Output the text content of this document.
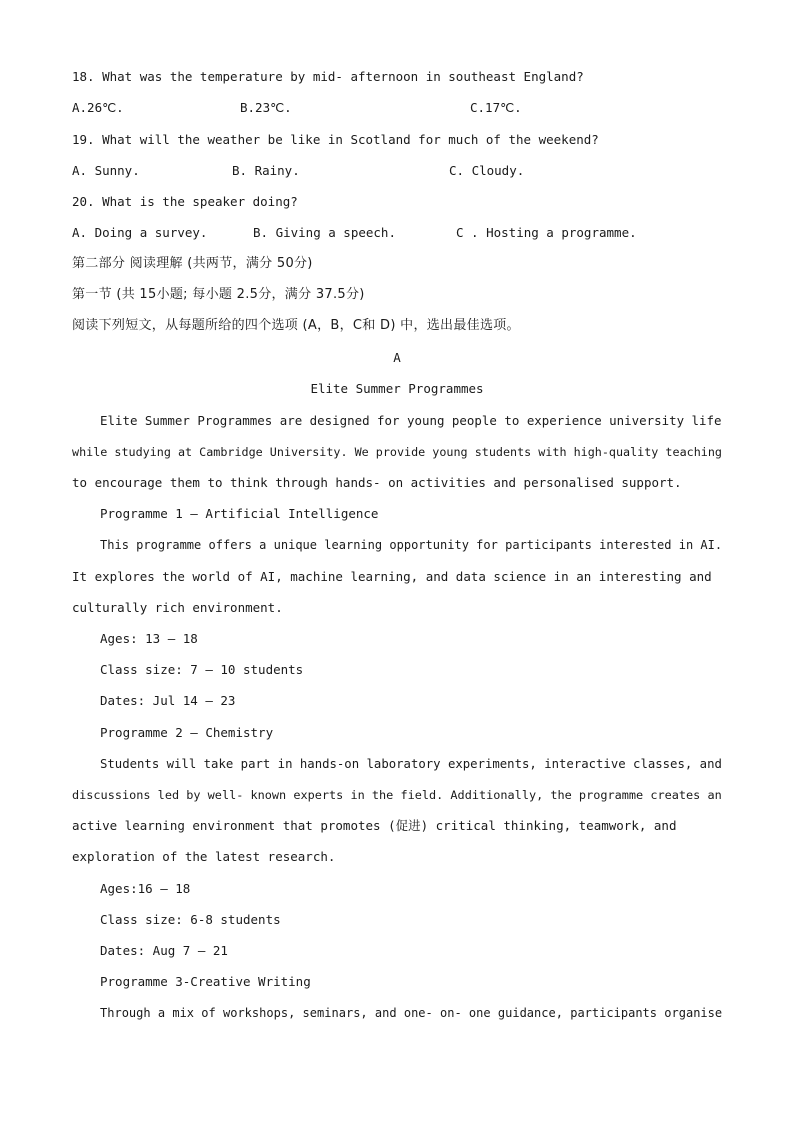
18. What was the temperature by mid- afternoon in southeast England?
A.26℃.	B.23℃.	C.17℃.
19. What will the weather be like in Scotland for much of the weekend?
A. Sunny.	B. Rainy.	C. Cloudy.
20. What is the speaker doing?
A. Doing a survey.	B. Giving a speech.	C . Hosting a programme.
第二部分 阅读理解 (共两节，满分 50分)
第一节 (共 15小题; 每小题 2.5分，满分 37.5分)
阅读下列短文，从每题所给的四个选项 (A，B，C和 D) 中，选出最佳选项。
A
Elite Summer Programmes
Elite Summer Programmes are designed for young people to experience university life
while studying at Cambridge University. We provide young students with high-quality teaching
to encourage them to think through hands- on activities and personalised support.
Programme 1 — Artificial Intelligence
This programme offers a unique learning opportunity for participants interested in AI.
It explores the world of AI, machine learning, and data science in an interesting and
culturally rich environment.
Ages: 13 — 18
Class size: 7 — 10 students
Dates: Jul 14 — 23
Programme 2 — Chemistry
Students will take part in hands-on laboratory experiments, interactive classes, and
discussions led by well- known experts in the field. Additionally, the programme creates an
active learning environment that promotes (促进) critical thinking, teamwork, and
exploration of the latest research.
Ages:16 — 18
Class size: 6-8 students
Dates: Aug 7 — 21
Programme 3-Creative Writing
Through a mix of workshops, seminars, and one- on- one guidance, participants organise
